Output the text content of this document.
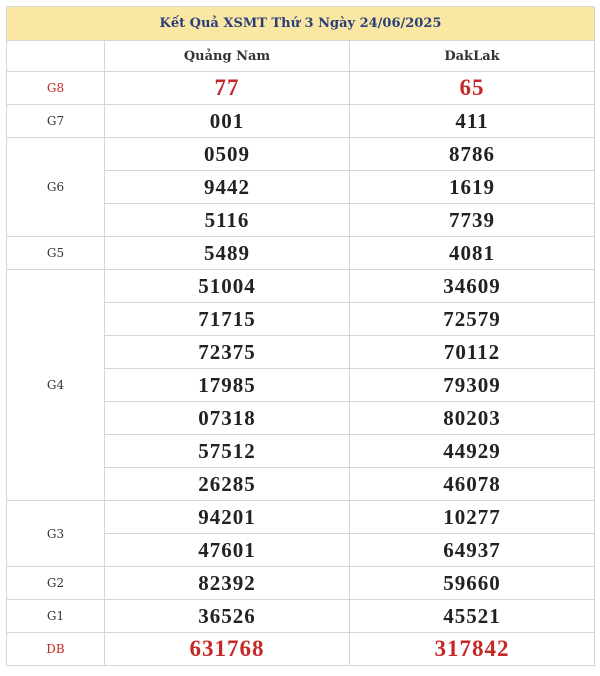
Kết Quả XSMT Thứ 3 Ngày 24/06/2025		
	Quảng Nam	DakLak
G8	77	65
G7	001	411
G6	0509	8786
	9442	1619
	5116	7739
G5	5489	4081
G4	51004	34609
	71715	72579
	72375	70112
	17985	79309
	07318	80203
	57512	44929
	26285	46078
G3	94201	10277
	47601	64937
G2	82392	59660
G1	36526	45521
DB	631768	317842
